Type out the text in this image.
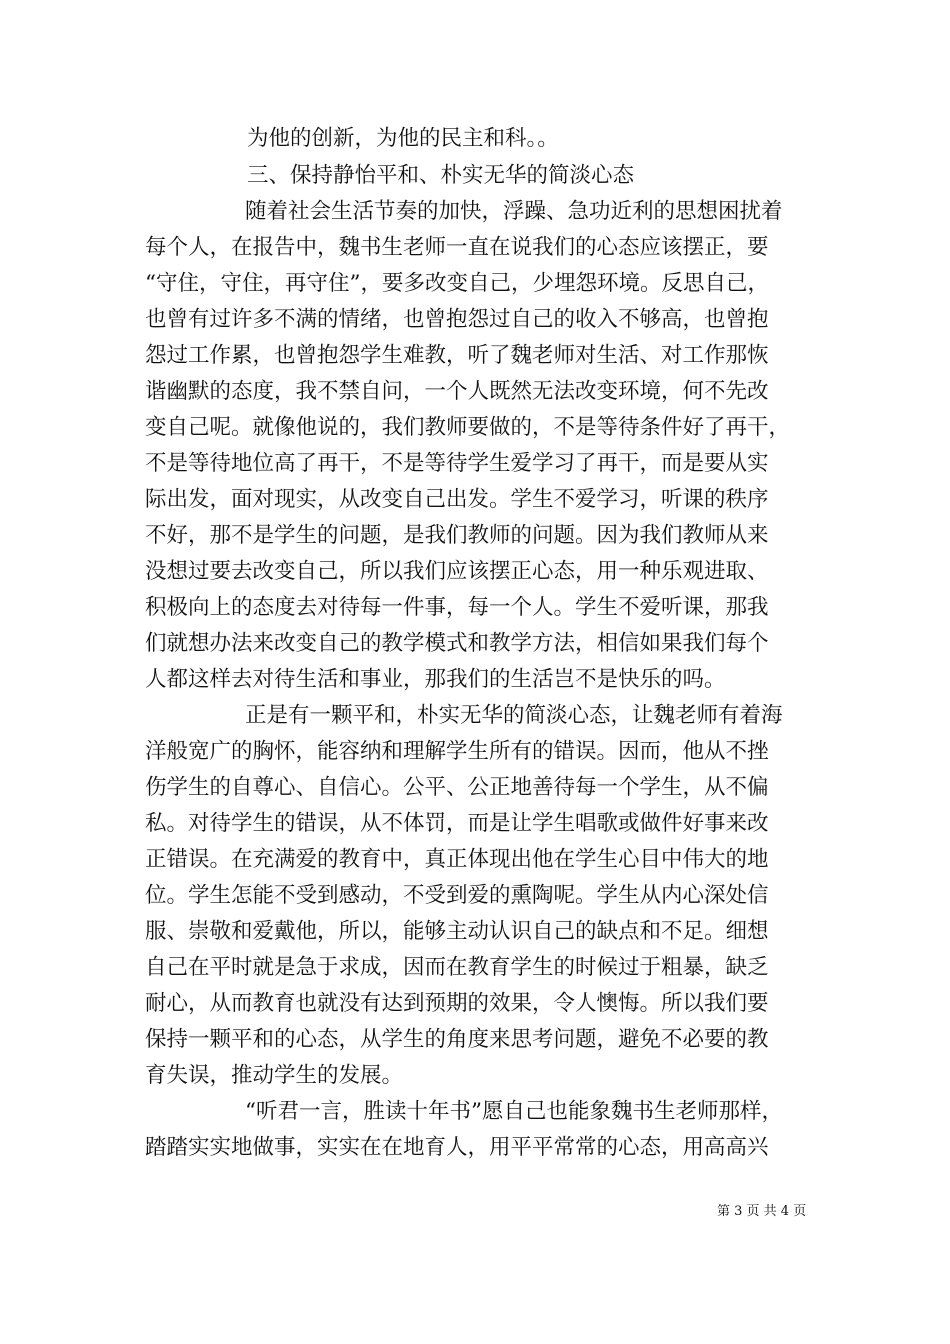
为他的创新，为他的民主和科。。
三、保持静怡平和、朴实无华的简淡心态
随着社会生活节奏的加快，浮躁、急功近利的思想困扰着
每个人，在报告中，魏书生老师一直在说我们的心态应该摆正，要
“守住，守住，再守住”，要多改变自己，少埋怨环境。反思自己，
也曾有过许多不满的情绪，也曾抱怨过自己的收入不够高，也曾抱
怨过工作累，也曾抱怨学生难教，听了魏老师对生活、对工作那恢
谐幽默的态度，我不禁自问，一个人既然无法改变环境，何不先改
变自己呢。就像他说的，我们教师要做的，不是等待条件好了再干，
不是等待地位高了再干，不是等待学生爱学习了再干，而是要从实
际出发，面对现实，从改变自己出发。学生不爱学习，听课的秩序
不好，那不是学生的问题，是我们教师的问题。因为我们教师从来
没想过要去改变自己，所以我们应该摆正心态，用一种乐观进取、
积极向上的态度去对待每一件事，每一个人。学生不爱听课，那我
们就想办法来改变自己的教学模式和教学方法，相信如果我们每个
人都这样去对待生活和事业，那我们的生活岂不是快乐的吗。
正是有一颗平和，朴实无华的简淡心态，让魏老师有着海
洋般宽广的胸怀，能容纳和理解学生所有的错误。因而，他从不挫
伤学生的自尊心、自信心。公平、公正地善待每一个学生，从不偏
私。对待学生的错误，从不体罚，而是让学生唱歌或做件好事来改
正错误。在充满爱的教育中，真正体现出他在学生心目中伟大的地
位。学生怎能不受到感动，不受到爱的熏陶呢。学生从内心深处信
服、崇敬和爱戴他，所以，能够主动认识自己的缺点和不足。细想
自己在平时就是急于求成，因而在教育学生的时候过于粗暴，缺乏
耐心，从而教育也就没有达到预期的效果，令人懊悔。所以我们要
保持一颗平和的心态，从学生的角度来思考问题，避免不必要的教
育失误，推动学生的发展。
“听君一言，胜读十年书”愿自己也能象魏书生老师那样，
踏踏实实地做事，实实在在地育人，用平平常常的心态，用高高兴
第 3 页 共 4 页
